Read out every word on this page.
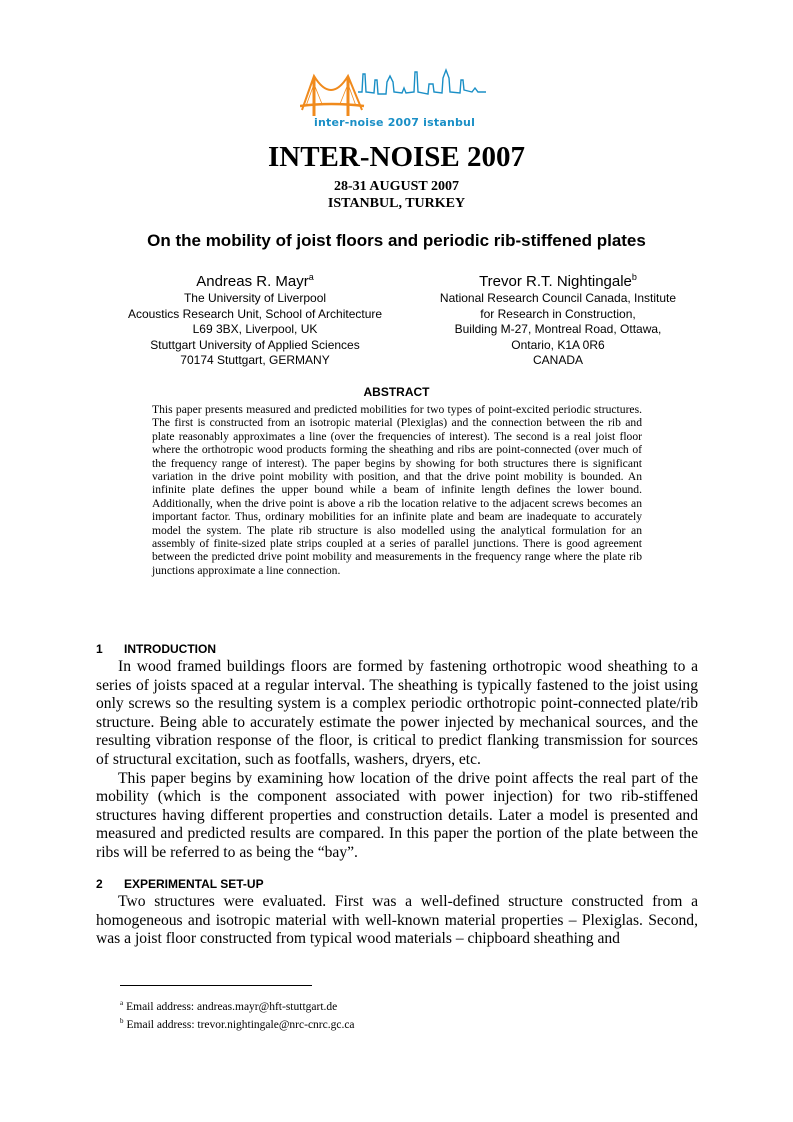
inter-noise 2007 istanbul
INTER-NOISE 2007
28-31 AUGUST 2007
ISTANBUL, TURKEY
On the mobility of joist floors and periodic rib-stiffened plates
Andreas R. Mayr$^a$
The University of Liverpool
Acoustics Research Unit, School of Architecture
L69 3BX, Liverpool, UK
Stuttgart University of Applied Sciences
70174 Stuttgart, GERMANY
Trevor R.T. Nightingale$^b$
National Research Council Canada, Institute
for Research in Construction,
Building M-27, Montreal Road, Ottawa,
Ontario, K1A 0R6
CANADA
ABSTRACT
This paper presents measured and predicted mobilities for two types of point-excited periodic structures. The first is constructed from an isotropic material (Plexiglas) and the connection between the rib and plate reasonably approximates a line (over the frequencies of interest). The second is a real joist floor where the orthotropic wood products forming the sheathing and ribs are point-connected (over much of the frequency range of interest). The paper begins by showing for both structures there is significant variation in the drive point mobility with position, and that the drive point mobility is bounded. An infinite plate defines the upper bound while a beam of infinite length defines the lower bound. Additionally, when the drive point is above a rib the location relative to the adjacent screws becomes an important factor. Thus, ordinary mobilities for an infinite plate and beam are inadequate to accurately model the system. The plate rib structure is also modelled using the analytical formulation for an assembly of finite-sized plate strips coupled at a series of parallel junctions. There is good agreement between the predicted drive point mobility and measurements in the frequency range where the plate rib junctions approximate a line connection.
1 INTRODUCTION

In wood framed buildings floors are formed by fastening orthotropic wood sheathing to a series of joists spaced at a regular interval. The sheathing is typically fastened to the joist using only screws so the resulting system is a complex periodic orthotropic point-connected plate/rib structure. Being able to accurately estimate the power injected by mechanical sources, and the resulting vibration response of the floor, is critical to predict flanking transmission for sources of structural excitation, such as footfalls, washers, dryers, etc.

This paper begins by examining how location of the drive point affects the real part of the mobility (which is the component associated with power injection) for two rib-stiffened structures having different properties and construction details. Later a model is presented and measured and predicted results are compared. In this paper the portion of the plate between the ribs will be referred to as being the “bay”.

2 EXPERIMENTAL SET-UP

Two structures were evaluated. First was a well-defined structure constructed from a homogeneous and isotropic material with well-known material properties – Plexiglas. Second, was a joist floor constructed from typical wood materials – chipboard sheathing and

$^a$ Email address: andreas.mayr@hft-stuttgart.de
$^b$ Email address: trevor.nightingale@nrc-cnrc.gc.ca
